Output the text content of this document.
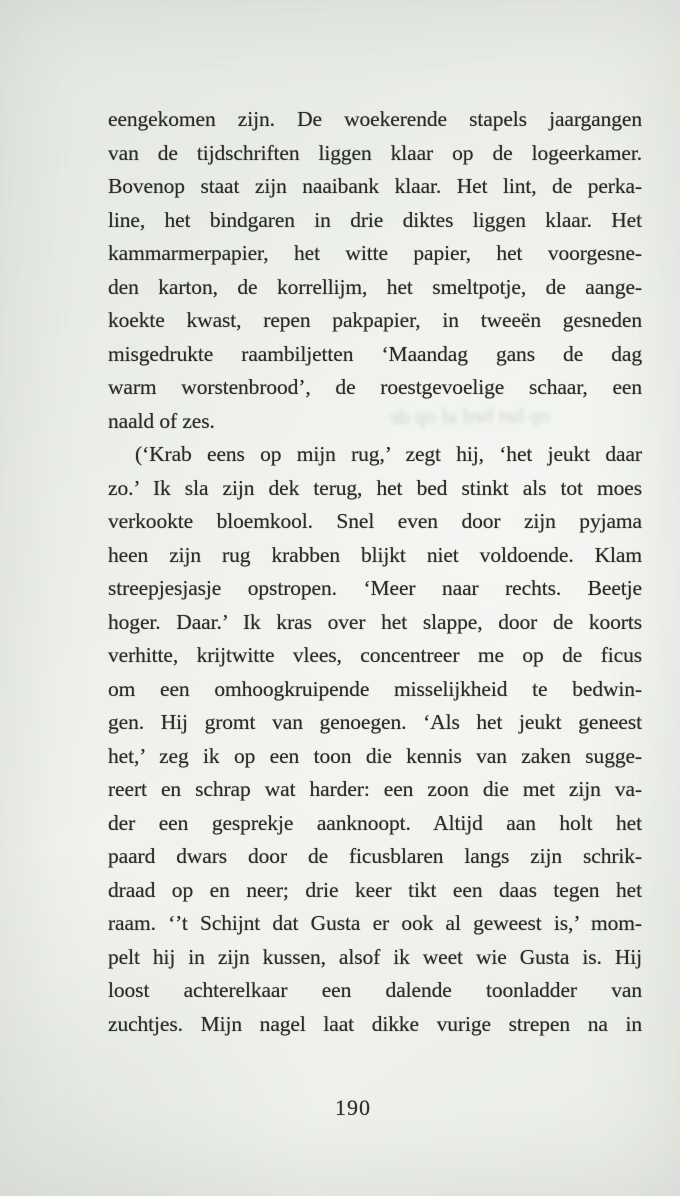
eengekomen zijn. De woekerende stapels jaargangen

van de tijdschriften liggen klaar op de logeerkamer.

Bovenop staat zijn naaibank klaar. Het lint, de perka-

line, het bindgaren in drie diktes liggen klaar. Het

kammarmerpapier, het witte papier, het voorgesne-

den karton, de korrellijm, het smeltpotje, de aange-

koekte kwast, repen pakpapier, in tweeën gesneden

misgedrukte raambiljetten ‘Maandag gans de dag

warm worstenbrood’, de roestgevoelige schaar, een

naald of zes.

(‘Krab eens op mijn rug,’ zegt hij, ‘het jeukt daar

zo.’ Ik sla zijn dek terug, het bed stinkt als tot moes

verkookte bloemkool. Snel even door zijn pyjama

heen zijn rug krabben blijkt niet voldoende. Klam

streepjesjasje opstropen. ‘Meer naar rechts. Beetje

hoger. Daar.’ Ik kras over het slappe, door de koorts

verhitte, krijtwitte vlees, concentreer me op de ficus

om een omhoogkruipende misselijkheid te bedwin-

gen. Hij gromt van genoegen. ‘Als het jeukt geneest

het,’ zeg ik op een toon die kennis van zaken sugge-

reert en schrap wat harder: een zoon die met zijn va-

der een gesprekje aanknoopt. Altijd aan holt het

paard dwars door de ficusblaren langs zijn schrik-

draad op en neer; drie keer tikt een daas tegen het

raam. ‘’t Schijnt dat Gusta er ook al geweest is,’ mom-

pelt hij in zijn kussen, alsof ik weet wie Gusta is. Hij

loost achterelkaar een dalende toonladder van

zuchtjes. Mijn nagel laat dikke vurige strepen na in

op het bed af op de
190
